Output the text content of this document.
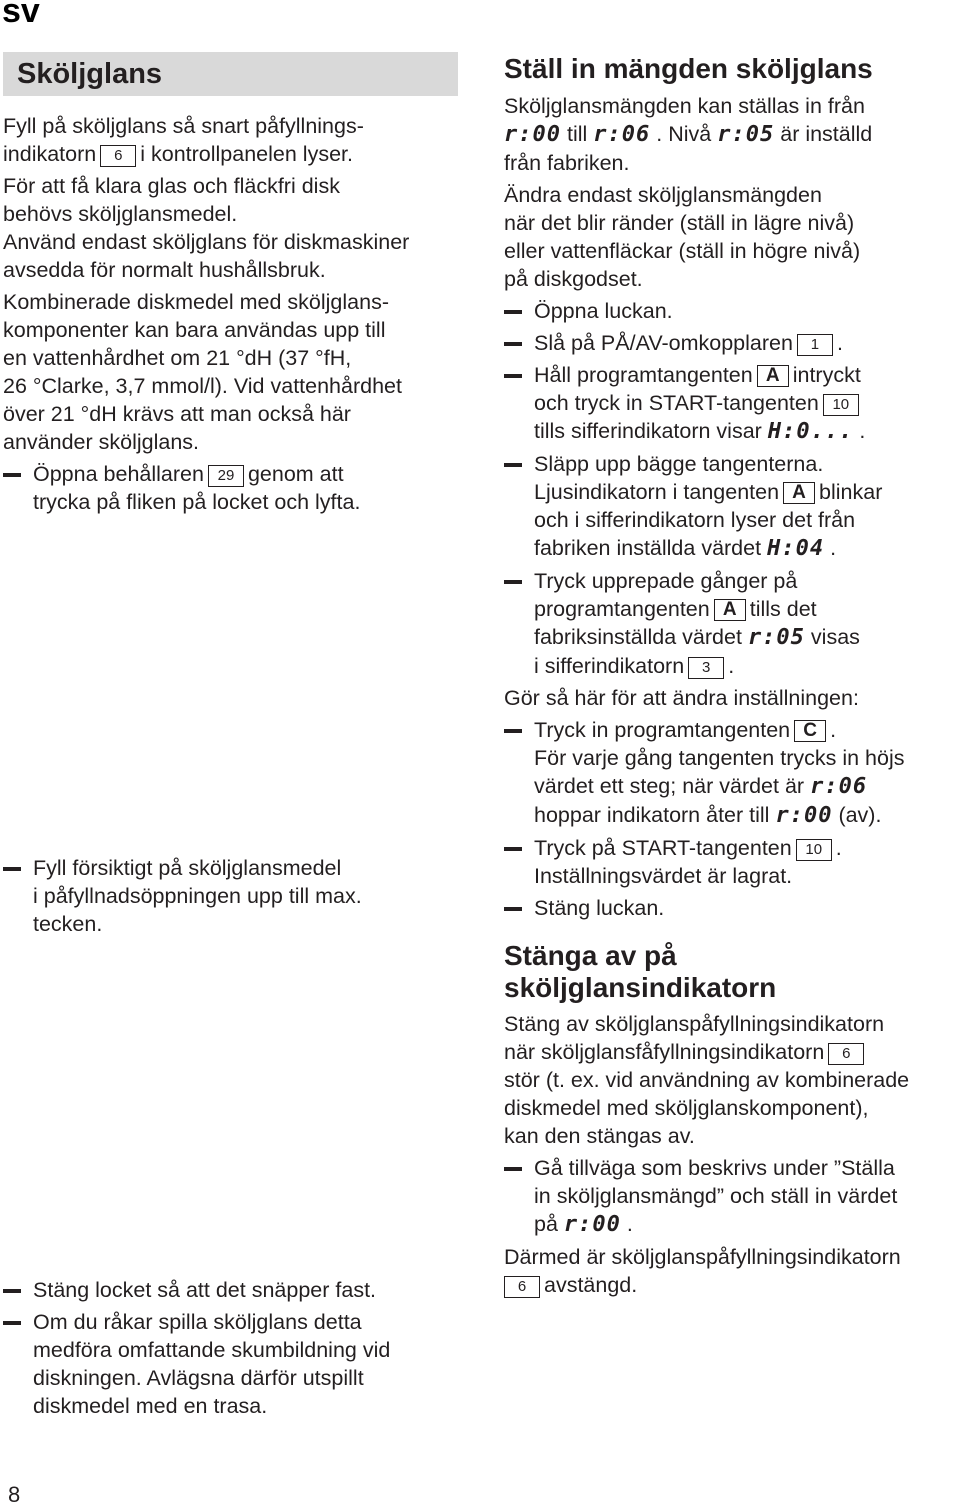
sv
Sköljglans

Fyll på sköljglans så snart påfyllnings-
indikatorn 6 i kontrollpanelen lyser.

För att få klara glas och fläckfri disk
behövs sköljglansmedel.
Använd endast sköljglans för diskmaskiner
avsedda för normalt hushållsbruk.

Kombinerade diskmedel med sköljglans-
komponenter kan bara användas upp till
en vattenhårdhet om 21 °dH (37 °fH,
26 °Clarke, 3,7 mmol/l). Vid vattenhårdhet
över 21 °dH krävs att man också här
använder sköljglans.

Öppna behållaren 29 genom att
trycka på fliken på locket och lyfta.
Fyll försiktigt på sköljglansmedel
i påfyllnadsöppningen upp till max.
tecken.
Stäng locket så att det snäpper fast.
Om du råkar spilla sköljglans detta
medföra omfattande skumbildning vid
diskningen. Avlägsna därför utspillt
diskmedel med en trasa.
Ställ in mängden sköljglans

Sköljglansmängden kan ställas in från
r:00 till r:06 . Nivå r:05 är inställd
från fabriken.

Ändra endast sköljglansmängden
när det blir ränder (ställ in lägre nivå)
eller vattenfläckar (ställ in högre nivå)
på diskgodset.

Öppna luckan.
Slå på PÅ/AV-omkopplaren 1 .
Håll programtangenten A intryckt
och tryck in START-tangenten 10
tills sifferindikatorn visar H:0... .
Släpp upp bägge tangenterna.
Ljusindikatorn i tangenten A blinkar
och i sifferindikatorn lyser det från
fabriken inställda värdet H:04 .
Tryck upprepade gånger på
programtangenten A tills det
fabriksinställda värdet r:05 visas
i sifferindikatorn 3 .

Gör så här för att ändra inställningen:

Tryck in programtangenten C .
För varje gång tangenten trycks in höjs
värdet ett steg; när värdet är r:06
hoppar indikatorn åter till r:00 (av).
Tryck på START-tangenten 10 .
Inställningsvärdet är lagrat.
Stäng luckan.
Stänga av på
sköljglansindikatorn

Stäng av sköljglanspåfyllningsindikatorn
när sköljglansfåfyllningsindikatorn 6
stör (t. ex. vid användning av kombinerade
diskmedel med sköljglanskomponent),
kan den stängas av.

Gå tillväga som beskrivs under ”Ställa
in sköljglansmängd” och ställ in värdet
på r:00 .

Därmed är sköljglanspåfyllningsindikatorn
6 avstängd.

8
